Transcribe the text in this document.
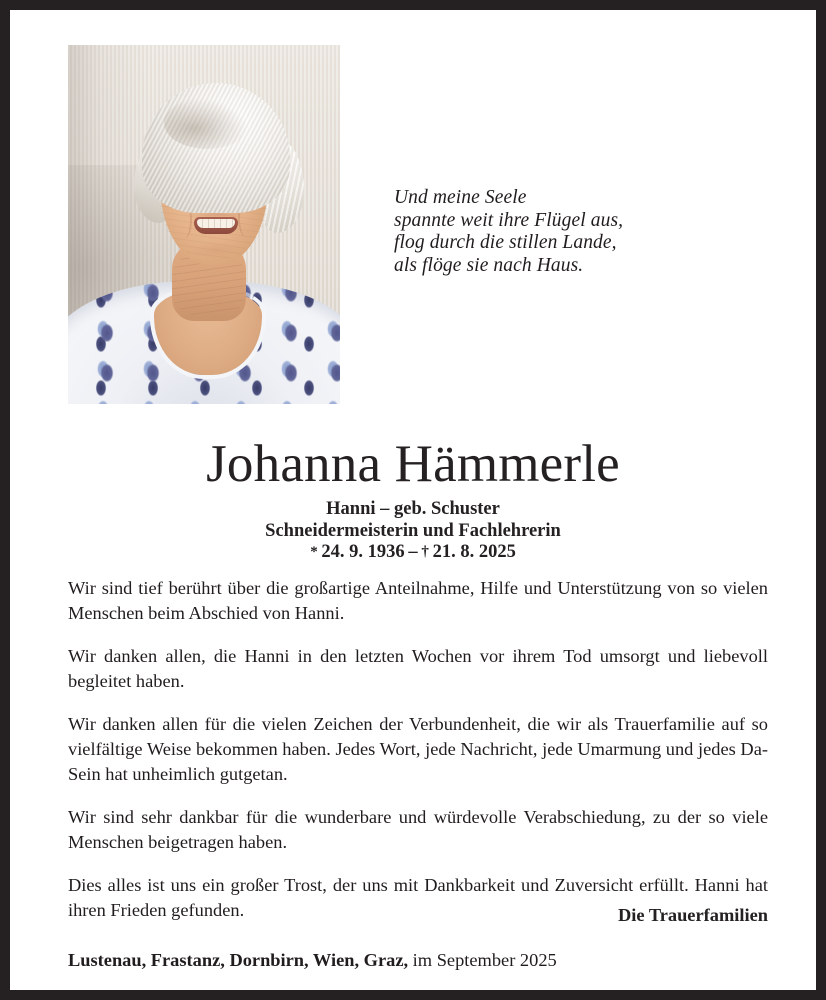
Und meine Seele
spannte weit ihre Flügel aus,
flog durch die stillen Lande,
als flöge sie nach Haus.
Johanna Hämmerle
Hanni – geb. Schuster
Schneidermeisterin und Fachlehrerin
*  24. 9. 1936  –  †  21. 8. 2025

Wir sind tief berührt über die großartige Anteilnahme, Hilfe und Unterstützung von so vielen Menschen beim Abschied von Hanni.

Wir danken allen, die Hanni in den letzten Wochen vor ihrem Tod umsorgt und liebevoll begleitet haben.

Wir danken allen für die vielen Zeichen der Verbundenheit, die wir als Trauerfamilie auf so vielfältige Weise bekommen haben. Jedes Wort, jede Nachricht, jede Umarmung und jedes Da-Sein hat unheimlich gutgetan.

Wir sind sehr dankbar für die wunderbare und würdevolle Verabschiedung, zu der so viele Menschen beigetragen haben.

Dies alles ist uns ein großer Trost, der uns mit Dankbarkeit und Zuversicht erfüllt. Hanni hat ihren Frieden gefunden.	Die Trauerfamilien
Lustenau, Frastanz, Dornbirn, Wien, Graz, im September 2025
